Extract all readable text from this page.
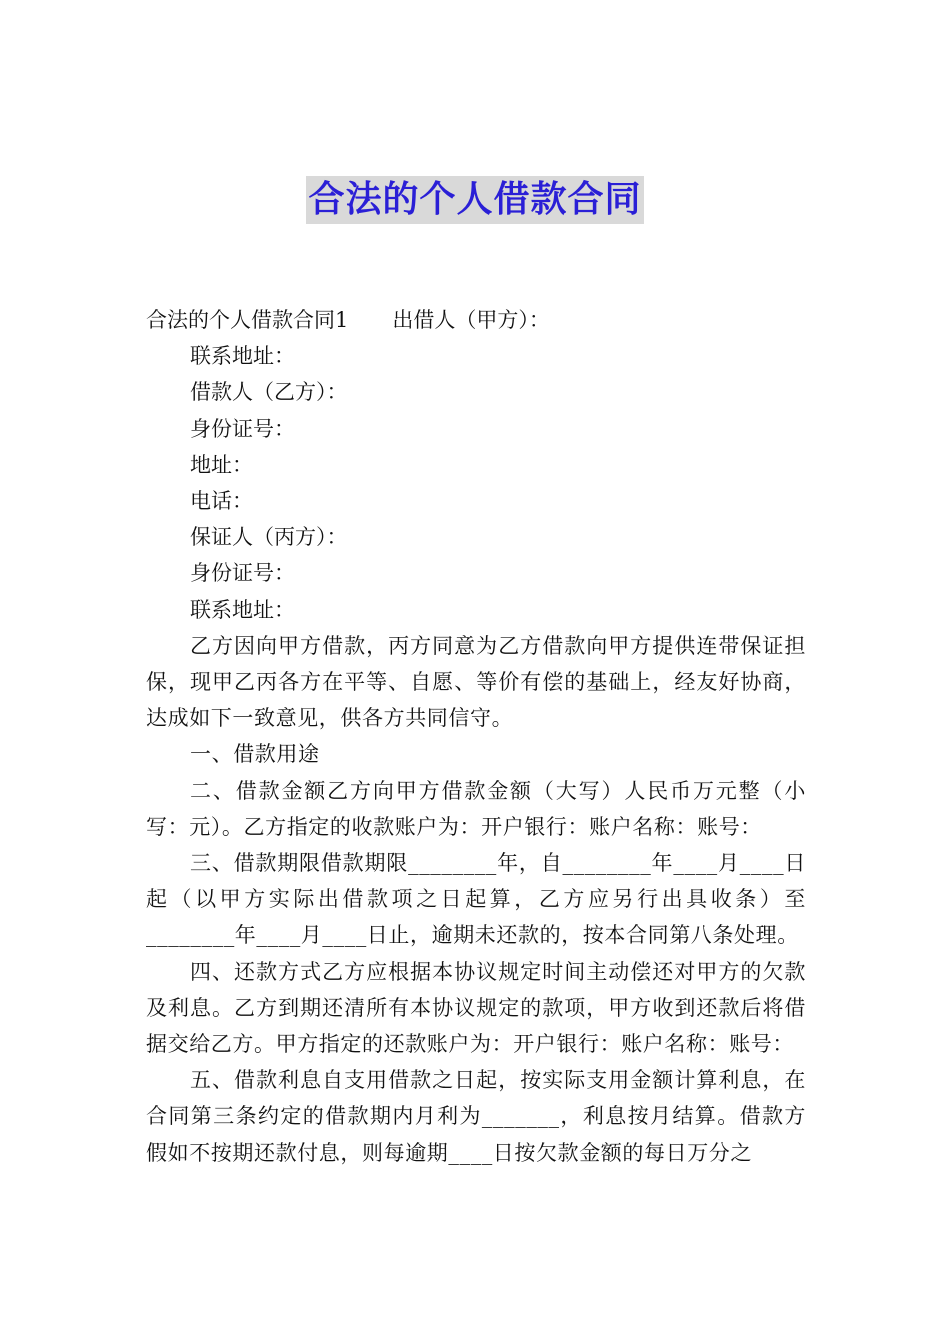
合法的个人借款合同

合法的个人借款合同1 出借人（甲方）：

联系地址：

借款人（乙方）：

身份证号：

地址：

电话：

保证人（丙方）：

身份证号：

联系地址：

乙方因向甲方借款，丙方同意为乙方借款向甲方提供连带保证担保，现甲乙丙各方在平等、自愿、等价有偿的基础上，经友好协商，达成如下一致意见，供各方共同信守。

一、借款用途

二、借款金额乙方向甲方借款金额（大写）人民币万元整（小写：元）。乙方指定的收款账户为：开户银行：账户名称：账号：

三、借款期限借款期限________年，自________年____月____日起（以甲方实际出借款项之日起算，乙方应另行出具收条）至________年____月____日止，逾期未还款的，按本合同第八条处理。

四、还款方式乙方应根据本协议规定时间主动偿还对甲方的欠款及利息。乙方到期还清所有本协议规定的款项，甲方收到还款后将借据交给乙方。甲方指定的还款账户为：开户银行：账户名称：账号：

五、借款利息自支用借款之日起，按实际支用金额计算利息，在合同第三条约定的借款期内月利为_______，利息按月结算。借款方假如不按期还款付息，则每逾期____日按欠款金额的每日万分之
